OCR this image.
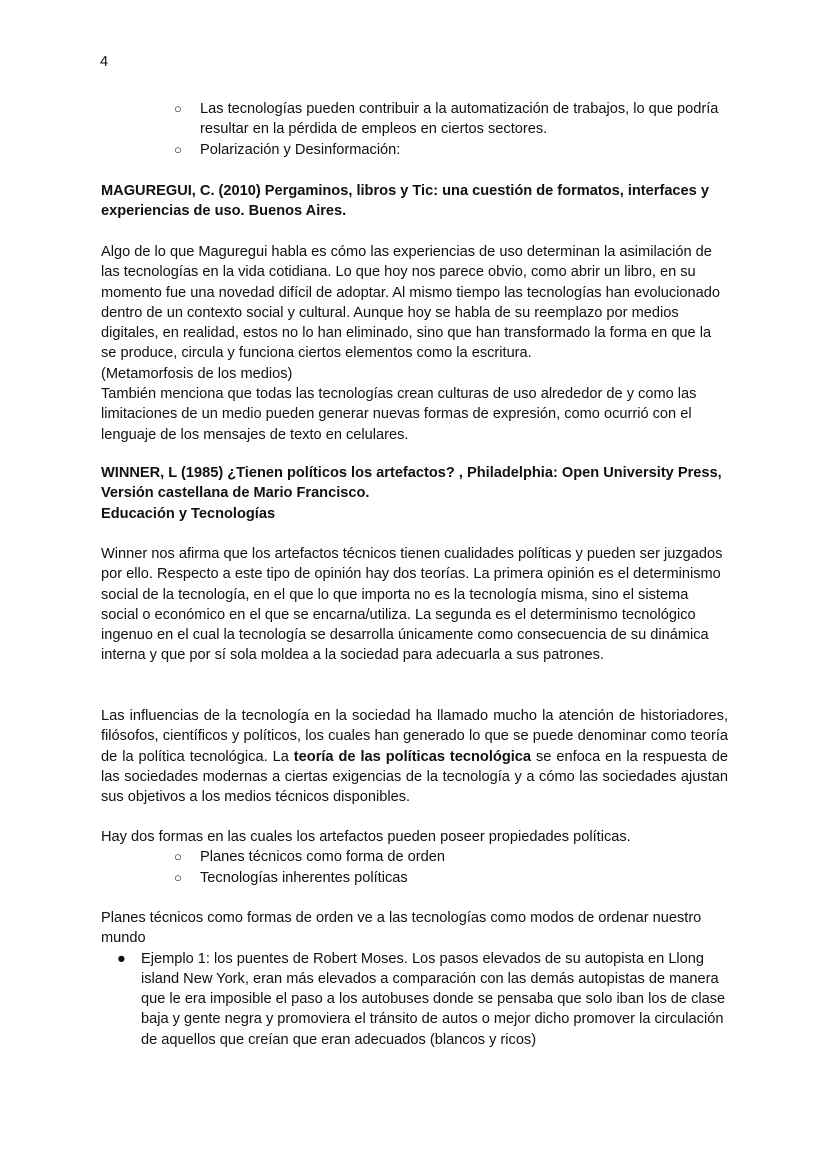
4
○ Las tecnologías pueden contribuir a la automatización de trabajos, lo que podría resultar en la pérdida de empleos en ciertos sectores.
○ Polarización y Desinformación:
MAGUREGUI, C. (2010) Pergaminos, libros y Tic: una cuestión de formatos, interfaces y experiencias de uso. Buenos Aires.

Algo de lo que Maguregui habla es cómo las experiencias de uso determinan la asimilación de las tecnologías en la vida cotidiana. Lo que hoy nos parece obvio, como abrir un libro, en su momento fue una novedad difícil de adoptar. Al mismo tiempo las tecnologías han evolucionado dentro de un contexto social y cultural. Aunque hoy se habla de su reemplazo por medios digitales, en realidad, estos no lo han eliminado, sino que han transformado la forma en que la se produce, circula y funciona ciertos elementos como la escritura.

(Metamorfosis de los medios)

También menciona que todas las tecnologías crean culturas de uso alrededor de y como las limitaciones de un medio pueden generar nuevas formas de expresión, como ocurrió con el lenguaje de los mensajes de texto en celulares.

WINNER, L (1985) ¿Tienen políticos los artefactos? , Philadelphia: Open University Press, Versión castellana de Mario Francisco.

Educación y Tecnologías

Winner nos afirma que los artefactos técnicos tienen cualidades políticas y pueden ser juzgados por ello. Respecto a este tipo de opinión hay dos teorías. La primera opinión es el determinismo social de la tecnología, en el que lo que importa no es la tecnología misma, sino el sistema social o económico en el que se encarna/utiliza. La segunda es el determinismo tecnológico ingenuo en el cual la tecnología se desarrolla únicamente como consecuencia de su dinámica interna y que por sí sola moldea a la sociedad para adecuarla a sus patrones.
Las influencias de la tecnología en la sociedad ha llamado mucho la atención de historiadores, filósofos, científicos y políticos, los cuales han generado lo que se puede denominar como teoría de la política tecnológica. La teoría de las políticas tecnológica se enfoca en la respuesta de las sociedades modernas a ciertas exigencias de la tecnología y a cómo las sociedades ajustan sus objetivos a los medios técnicos disponibles.

Hay dos formas en las cuales los artefactos pueden poseer propiedades políticas.

○ Planes técnicos como forma de orden
○ Tecnologías inherentes políticas

Planes técnicos como formas de orden ve a las tecnologías como modos de ordenar nuestro mundo

● Ejemplo 1: los puentes de Robert Moses. Los pasos elevados de su autopista en Llong island New York, eran más elevados a comparación con las demás autopistas de manera que le era imposible el paso a los autobuses donde se pensaba que solo iban los de clase baja y gente negra y promoviera el tránsito de autos o mejor dicho promover la circulación de aquellos que creían que eran adecuados (blancos y ricos)
